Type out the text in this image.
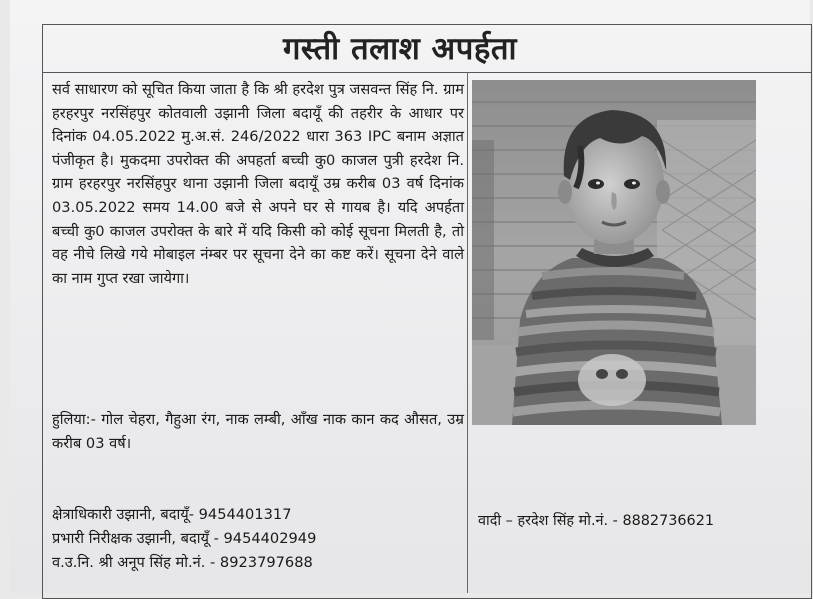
गस्ती तलाश अपर्हता

सर्व साधारण को सूचित किया जाता है कि श्री हरदेश पुत्र जसवन्त सिंह नि. ग्राम हरहरपुर नरसिंहपुर कोतवाली उझानी जिला बदायूँ की तहरीर के आधार पर दिनांक 04.05.2022 मु.अ.सं. 246/2022 धारा 363 IPC बनाम अज्ञात पंजीकृत है। मुकदमा उपरोक्त की अपहर्ता बच्ची कु0 काजल पुत्री हरदेश नि. ग्राम हरहरपुर नरसिंहपुर थाना उझानी जिला बदायूँ उम्र करीब 03 वर्ष दिनांक 03.05.2022 समय 14.00 बजे से अपने घर से गायब है। यदि अपर्हता बच्ची कु0 काजल उपरोक्त के बारे में यदि किसी को कोई सूचना मिलती है, तो वह नीचे लिखे गये मोबाइल नंम्बर पर सूचना देने का कष्ट करें। सूचना देने वाले का नाम गुप्त रखा जायेगा।

हुलिया:- गोल चेहरा, गैहुआ रंग, नाक लम्बी, आँख नाक कान कद औसत, उम्र करीब 03 वर्ष।
क्षेत्राधिकारी उझानी, बदायूँ- 9454401317
प्रभारी निरीक्षक उझानी, बदायूँ - 9454402949
व.उ.नि. श्री अनूप सिंह मो.नं. - 8923797688
वादी – हरदेश सिंह मो.नं. - 8882736621
